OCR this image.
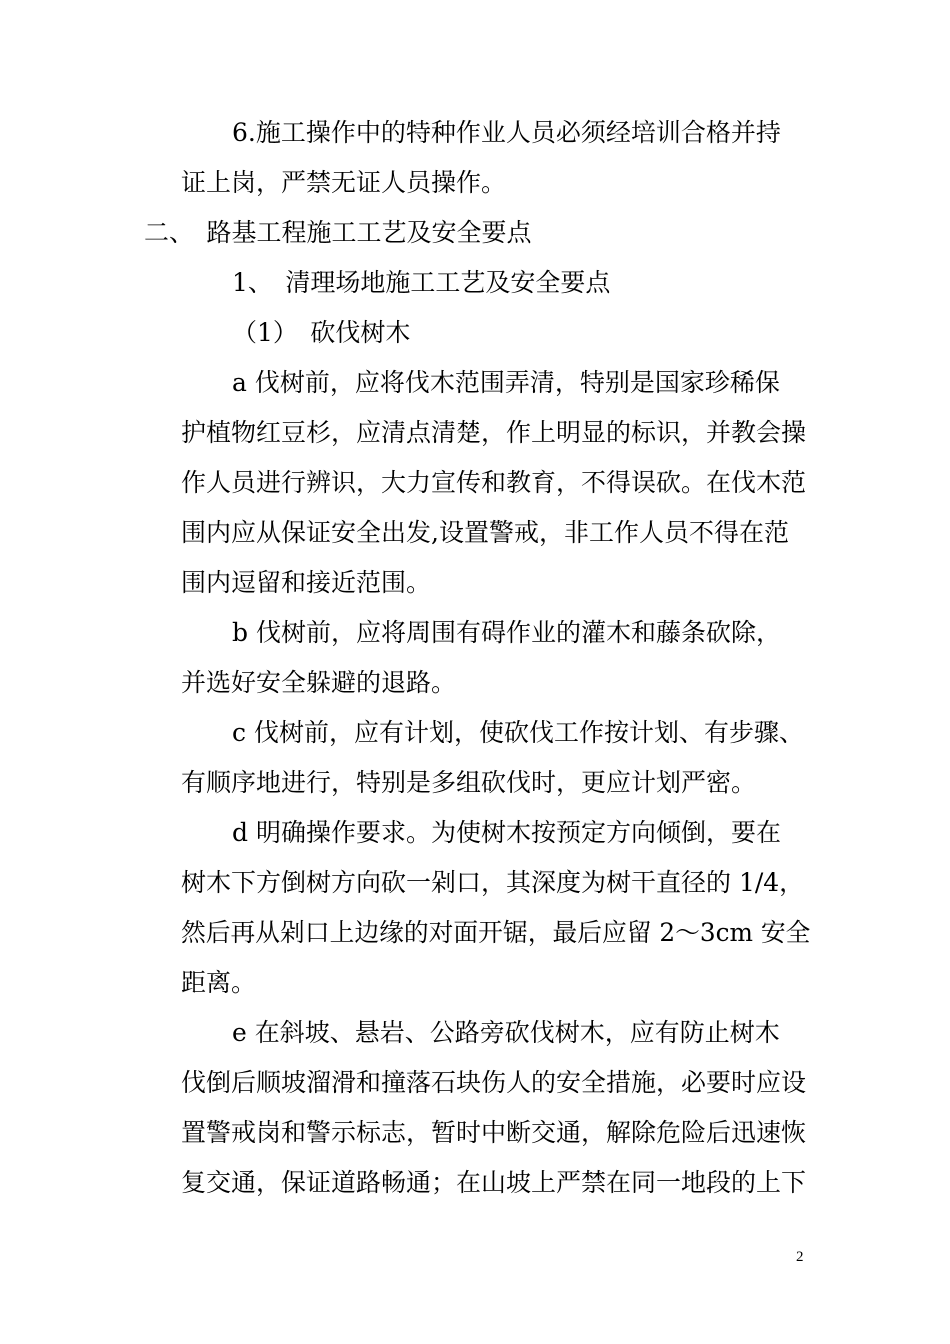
6.施工操作中的特种作业人员必须经培训合格并持
证上岗，严禁无证人员操作。
二、　路基工程施工工艺及安全要点
1、　清理场地施工工艺及安全要点
（1）　砍伐树木
a 伐树前，应将伐木范围弄清，特别是国家珍稀保
护植物红豆杉，应清点清楚，作上明显的标识，并教会操
作人员进行辨识，大力宣传和教育，不得误砍。在伐木范
围内应从保证安全出发,设置警戒，非工作人员不得在范
围内逗留和接近范围。
b 伐树前，应将周围有碍作业的灌木和藤条砍除，
并选好安全躲避的退路。
c 伐树前，应有计划，使砍伐工作按计划、有步骤、
有顺序地进行，特别是多组砍伐时，更应计划严密。
d 明确操作要求。为使树木按预定方向倾倒，要在
树木下方倒树方向砍一剁口，其深度为树干直径的 1/4，
然后再从剁口上边缘的对面开锯，最后应留 2～3cm 安全
距离。
e 在斜坡、悬岩、公路旁砍伐树木，应有防止树木
伐倒后顺坡溜滑和撞落石块伤人的安全措施，必要时应设
置警戒岗和警示标志，暂时中断交通，解除危险后迅速恢
复交通，保证道路畅通；在山坡上严禁在同一地段的上下
2
